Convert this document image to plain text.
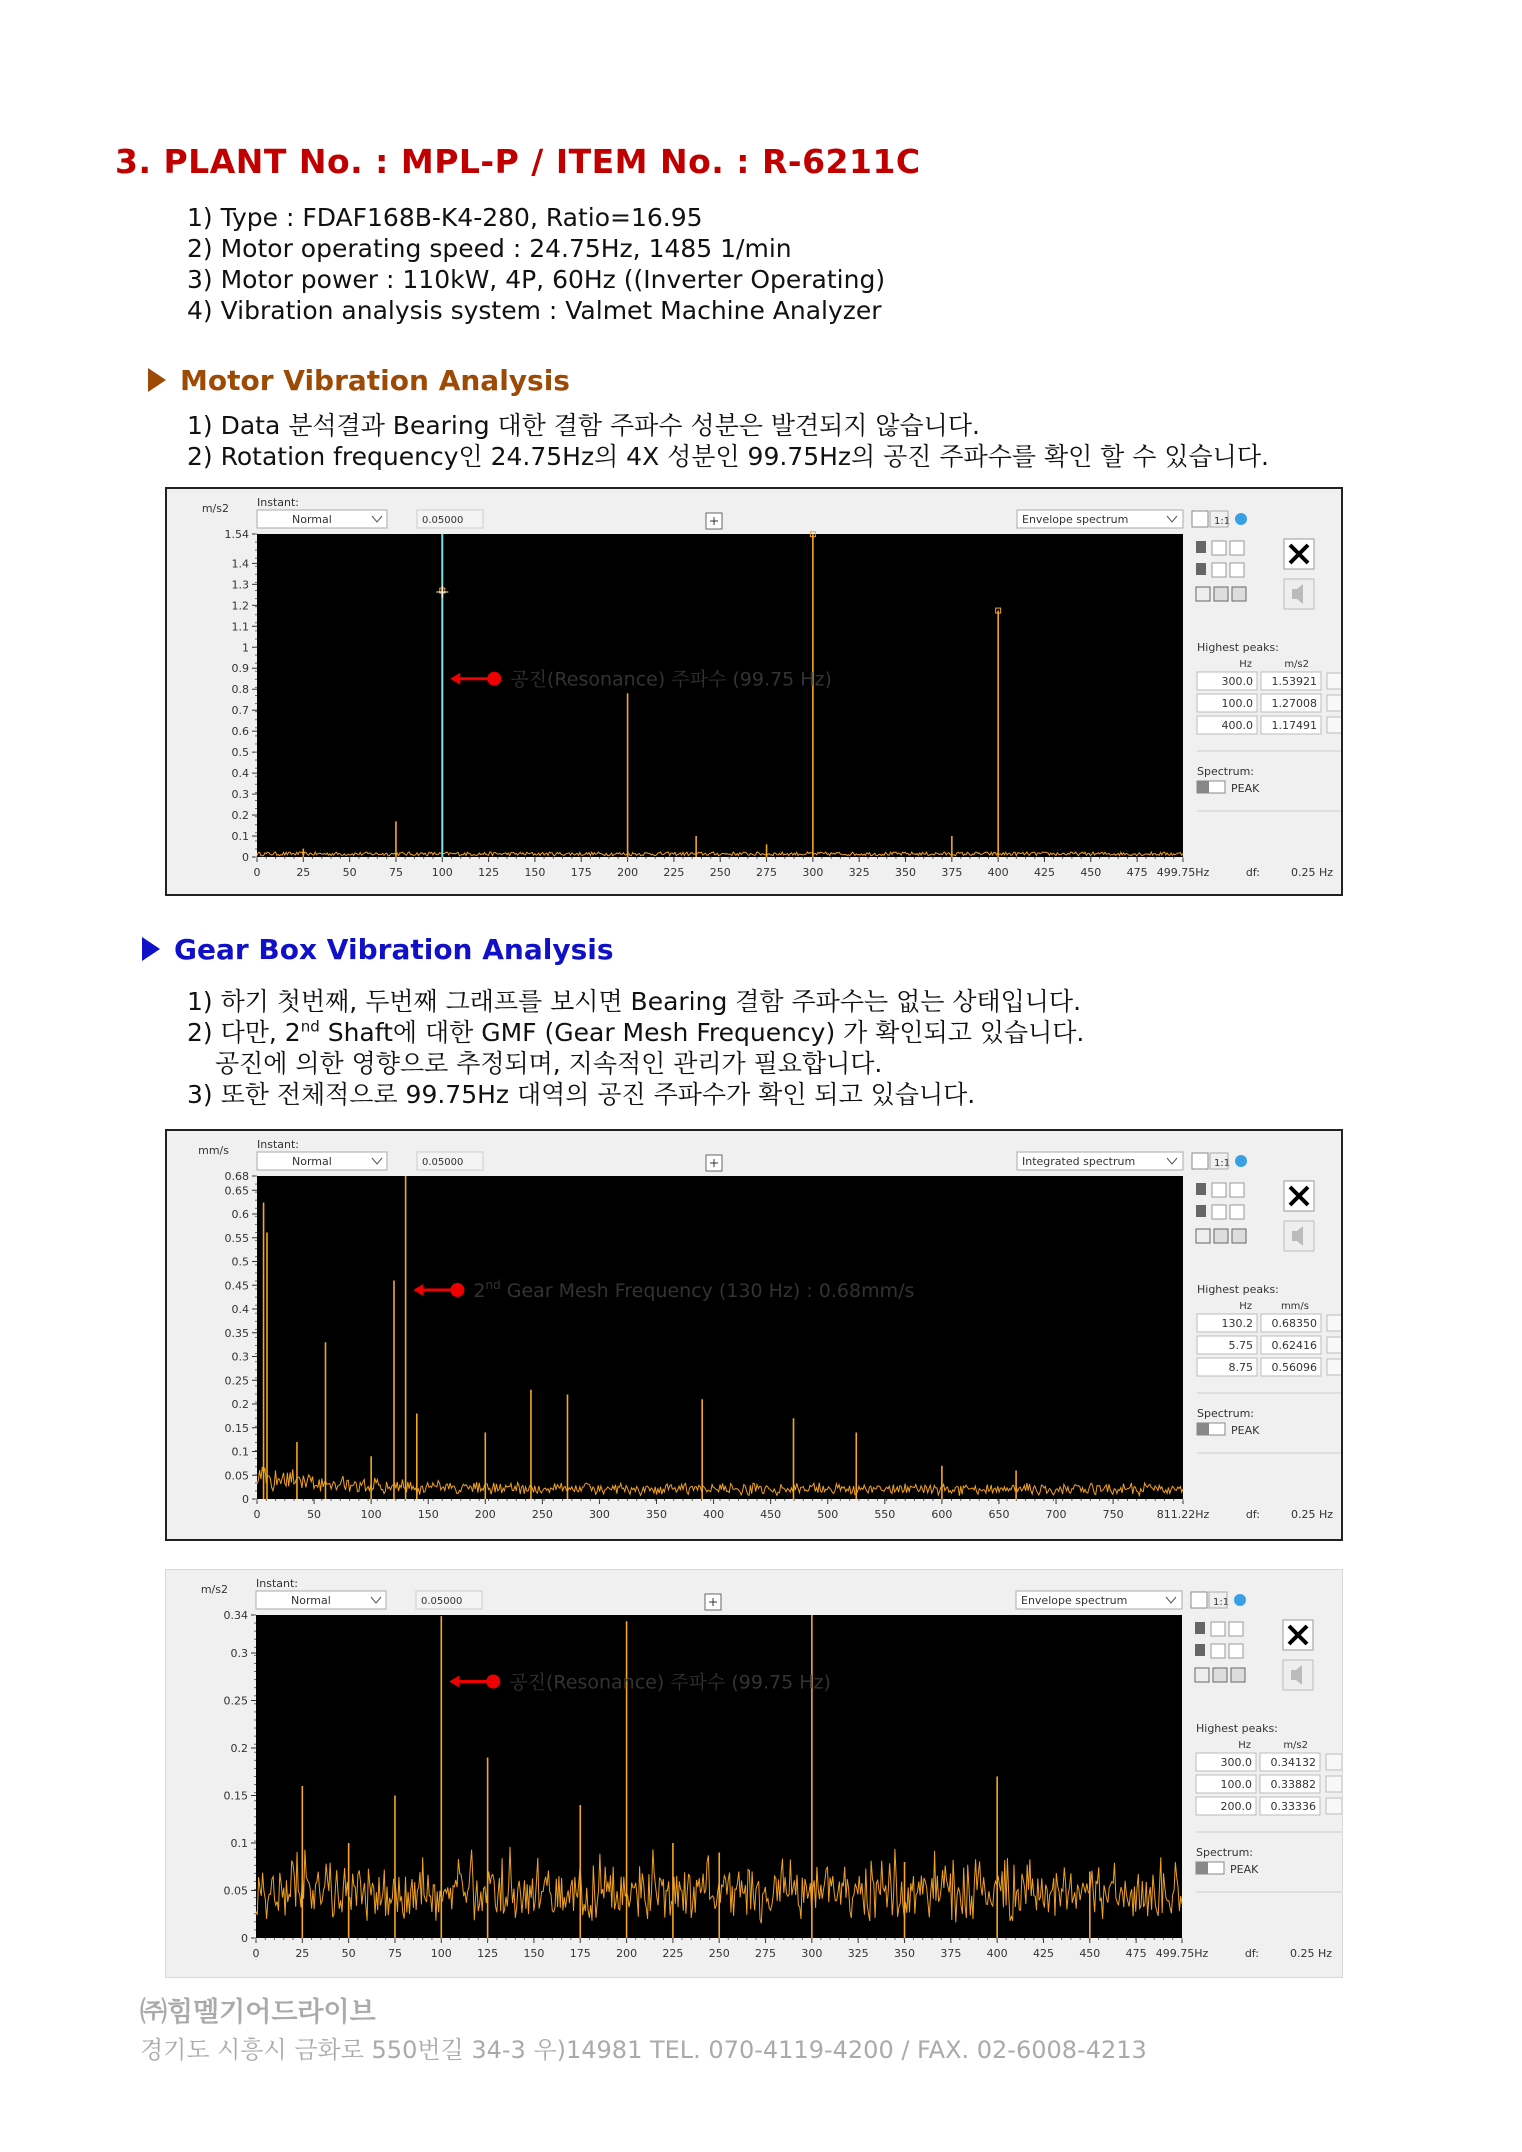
3. PLANT No. : MPL-P / ITEM No. : R-6211C
1) Type : FDAF168B-K4-280, Ratio=16.95
2) Motor operating speed : 24.75Hz, 1485 1/min
3) Motor power : 110kW, 4P, 60Hz ((Inverter Operating)
4) Vibration analysis system : Valmet Machine Analyzer
Motor Vibration Analysis
1) Data 분석결과 Bearing 대한 결함 주파수 성분은 발견되지 않습니다.
2) Rotation frequency인 24.75Hz의 4X 성분인 99.75Hz의 공진 주파수를 확인 할 수 있습니다.
Instant:
Normal	0.05000	Envelope spectrum
m/s2
0
0.1
0.2
0.3
0.4
0.5
0.6
0.7
0.8
0.9
1
1.1
1.2
1.3
1.4
1.54
0	25	50	75	100 125 150 175 200 225 250 275 300 325 350 375 400 425 450 475 499.75Hz
공진(Resonance) 주파수 (99.75 Hz)
1:1
Highest peaks:
Hz	m/s2
300.0 1.53921
100.0 1.27008
400.0 1.17491
Spectrum:
PEAK
df:	0.25 Hz
Gear Box Vibration Analysis
1) 하기 첫번째, 두번째 그래프를 보시면 Bearing 결함 주파수는 없는 상태입니다.
2) 다만, 2nd Shaft에 대한 GMF (Gear Mesh Frequency) 가 확인되고 있습니다.
공진에 의한 영향으로 추정되며, 지속적인 관리가 필요합니다.
3) 또한 전체적으로 99.75Hz 대역의 공진 주파수가 확인 되고 있습니다.
Instant:
Normal	0.05000	Integrated spectrum
mm/s
0
0.05
0.1
0.15
0.2
0.25
0.3
0.35
0.4
0.45
0.5
0.55
0.6
0.65
0.68
0	50	100	150	200	250	300	350	400	450	500	550	600	650	700	750	811.22Hz
2nd Gear Mesh Frequency (130 Hz) : 0.68mm/s
1:1
Highest peaks:
Hz	mm/s
130.2 0.68350
5.75 0.62416
8.75 0.56096
Spectrum:
PEAK
df:	0.25 Hz
Instant:
Normal	0.05000	Envelope spectrum
m/s2
0
0.05
0.1
0.15
0.2
0.25
0.3
0.34
0	25	50	75	100 125 150 175 200 225 250 275 300 325 350 375 400 425 450 475 499.75Hz
공진(Resonance) 주파수 (99.75 Hz)
1:1
Highest peaks:
Hz	m/s2
300.0 0.34132
100.0 0.33882
200.0 0.33336
Spectrum:
PEAK
df:	0.25 Hz
㈜힘멜기어드라이브
경기도 시흥시 금화로 550번길 34-3 우)14981 TEL. 070-4119-4200 / FAX. 02-6008-4213
